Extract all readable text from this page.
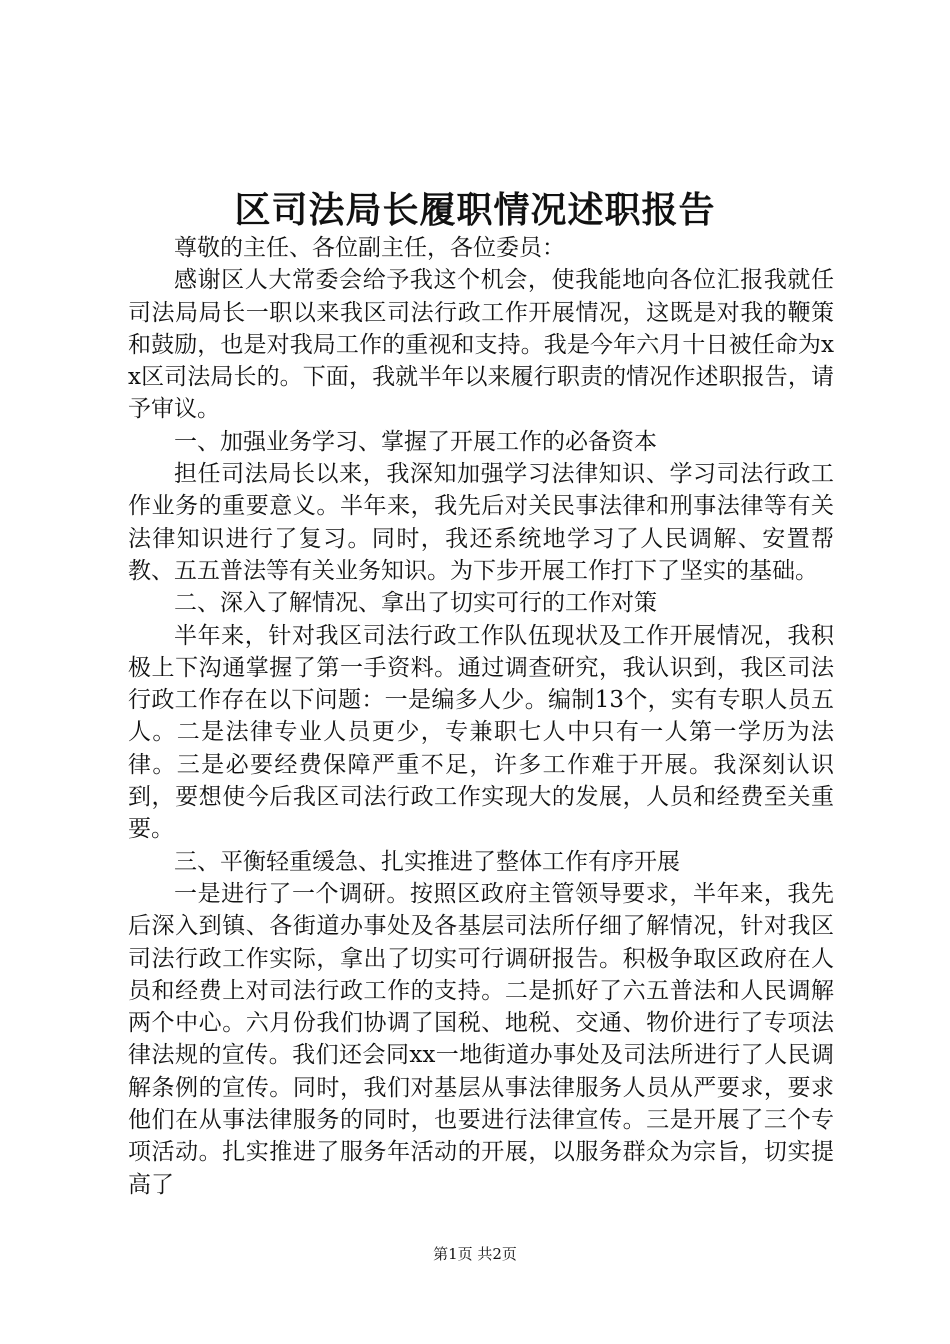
区司法局长履职情况述职报告

尊敬的主任、各位副主任，各位委员：

感谢区人大常委会给予我这个机会，使我能地向各位汇报我就任司法局局长一职以来我区司法行政工作开展情况，这既是对我的鞭策和鼓励，也是对我局工作的重视和支持。我是今年六月十日被任命为xx区司法局长的。下面，我就半年以来履行职责的情况作述职报告，请予审议。

一、加强业务学习、掌握了开展工作的必备资本

担任司法局长以来，我深知加强学习法律知识、学习司法行政工作业务的重要意义。半年来，我先后对关民事法律和刑事法律等有关法律知识进行了复习。同时，我还系统地学习了人民调解、安置帮教、五五普法等有关业务知识。为下步开展工作打下了坚实的基础。

二、深入了解情况、拿出了切实可行的工作对策

半年来，针对我区司法行政工作队伍现状及工作开展情况，我积极上下沟通掌握了第一手资料。通过调查研究，我认识到，我区司法行政工作存在以下问题：一是编多人少。编制13个，实有专职人员五人。二是法律专业人员更少，专兼职七人中只有一人第一学历为法律。三是必要经费保障严重不足，许多工作难于开展。我深刻认识到，要想使今后我区司法行政工作实现大的发展，人员和经费至关重要。

三、平衡轻重缓急、扎实推进了整体工作有序开展

一是进行了一个调研。按照区政府主管领导要求，半年来，我先后深入到镇、各街道办事处及各基层司法所仔细了解情况，针对我区司法行政工作实际，拿出了切实可行调研报告。积极争取区政府在人员和经费上对司法行政工作的支持。二是抓好了六五普法和人民调解两个中心。六月份我们协调了国税、地税、交通、物价进行了专项法律法规的宣传。我们还会同xx一地街道办事处及司法所进行了人民调解条例的宣传。同时，我们对基层从事法律服务人员从严要求，要求他们在从事法律服务的同时，也要进行法律宣传。三是开展了三个专项活动。扎实推进了服务年活动的开展，以服务群众为宗旨，切实提高了

第1页 共2页
